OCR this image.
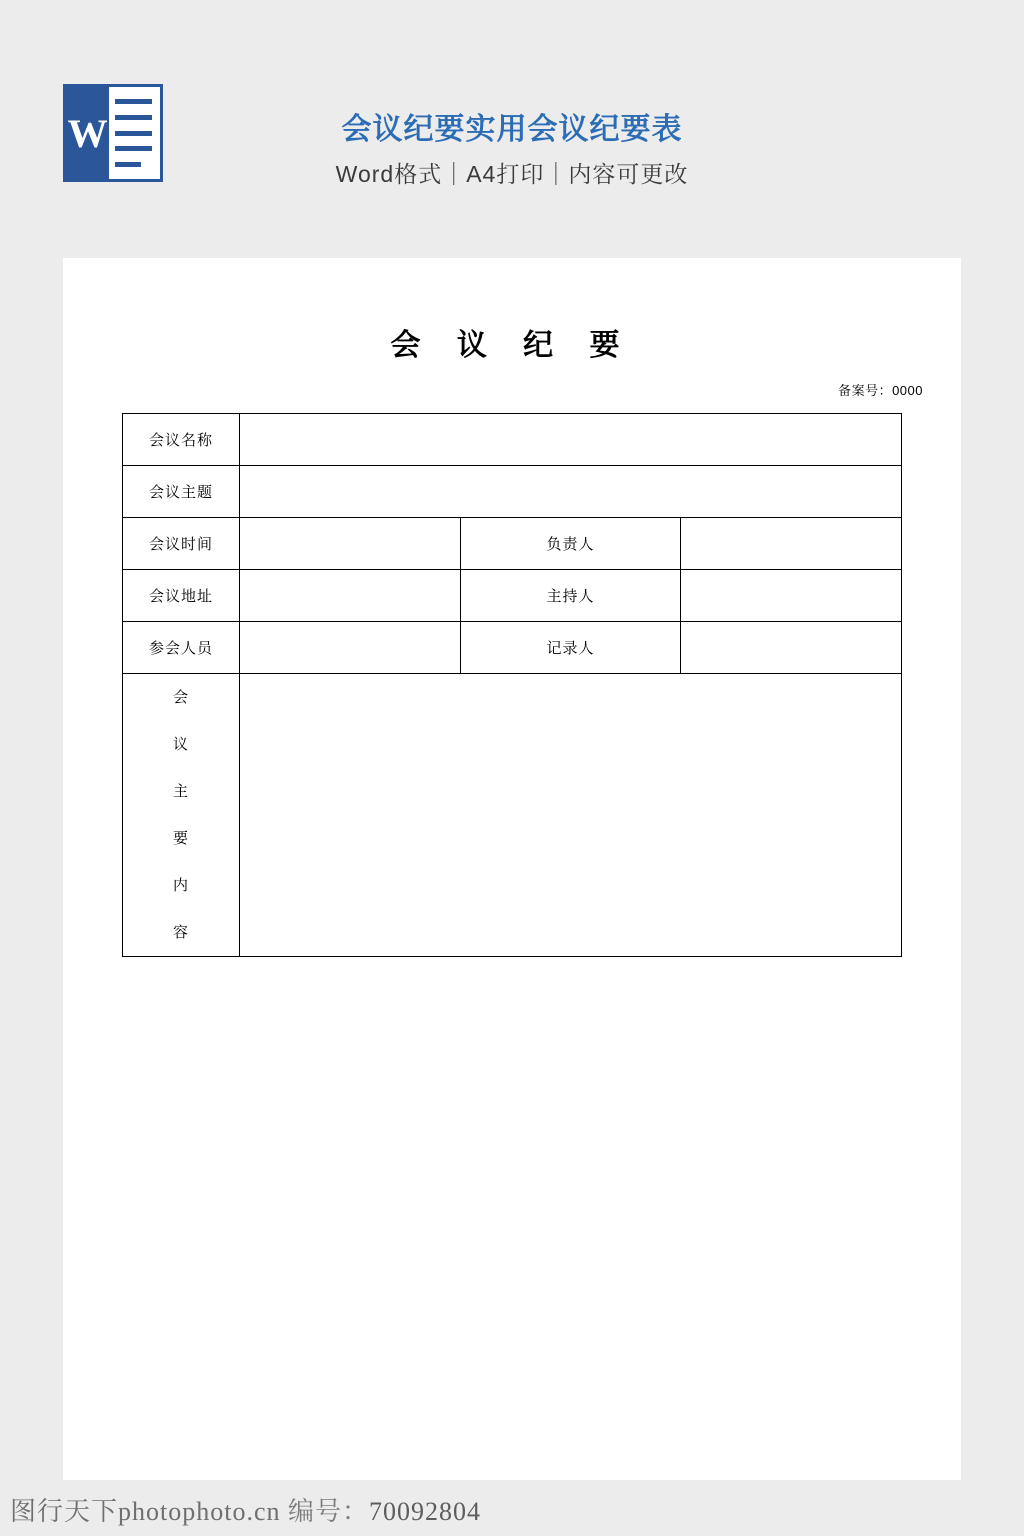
W	会议纪要实用会议纪要表
Word格式｜A4打印｜内容可更改
会 议 纪 要
备案号：0000
会议名称			
会议主题			
会议时间		负责人	
会议地址		主持人	
参会人员		记录人	
会议主要内容			
图行天下photophoto.cn 编号：70092804
